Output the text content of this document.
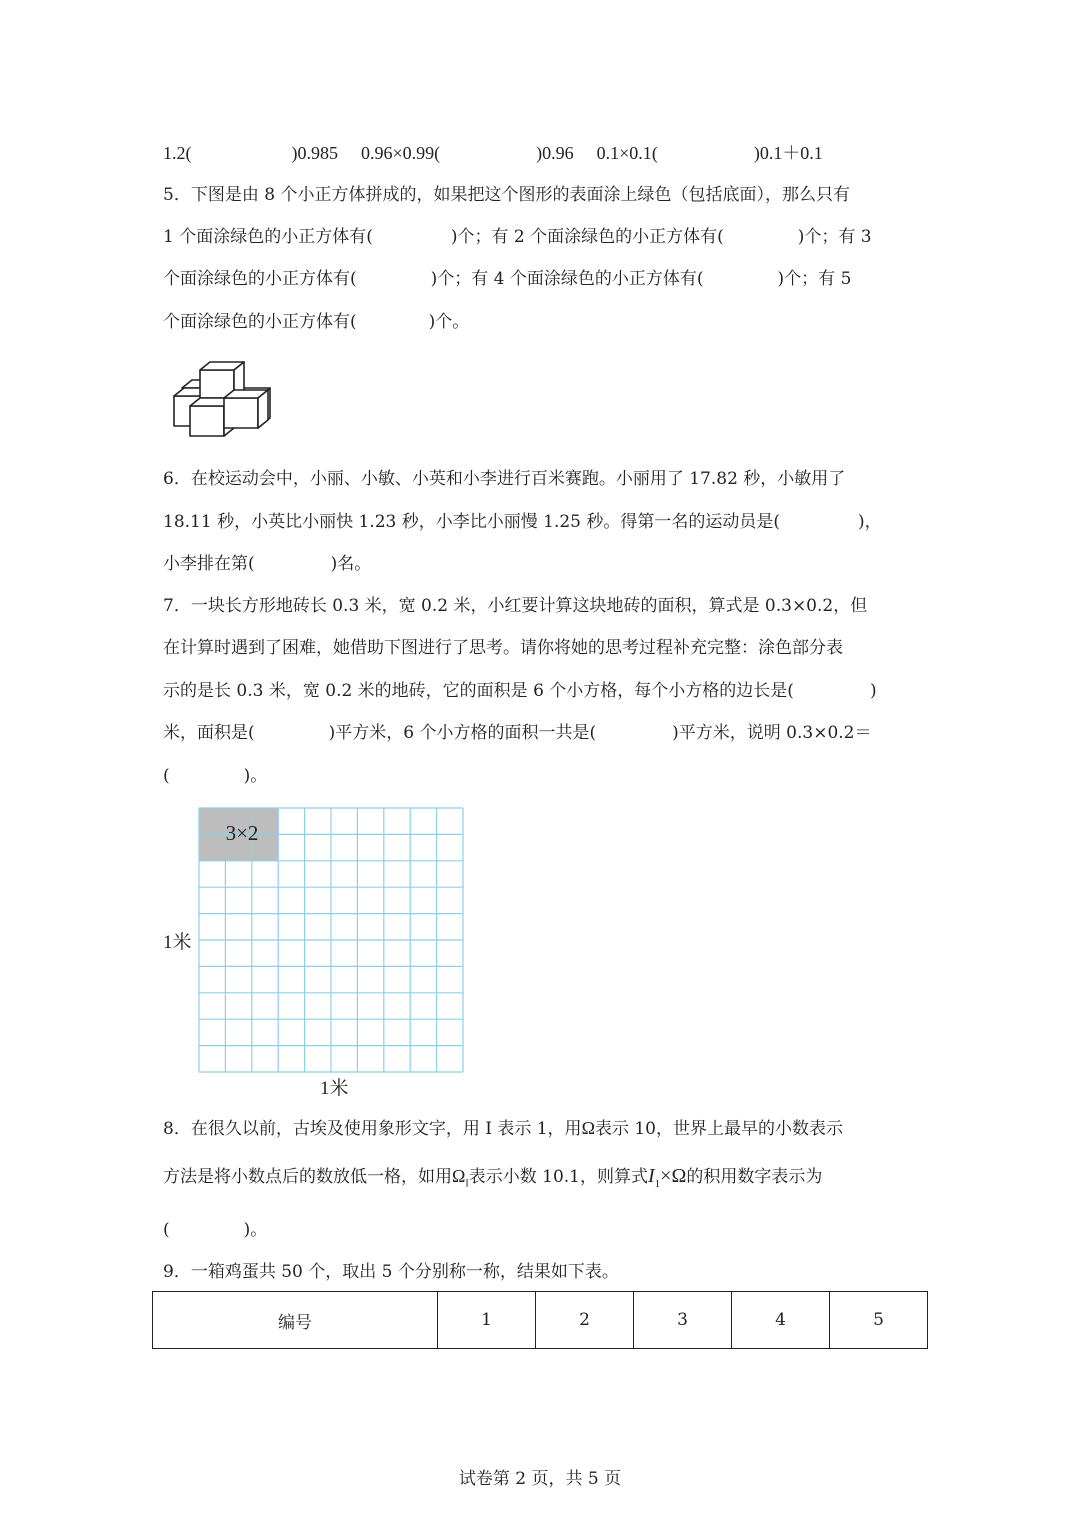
1.2(	)0.985 0.96×0.99(	)0.96 0.1×0.1(	)0.1＋0.1
5．下图是由 8 个小正方体拼成的，如果把这个图形的表面涂上绿色（包括底面），那么只有
1 个面涂绿色的小正方体有(	)个；有 2 个面涂绿色的小正方体有(	)个；有 3
个面涂绿色的小正方体有(	)个；有 4 个面涂绿色的小正方体有(	)个；有 5
个面涂绿色的小正方体有(	)个。
6．在校运动会中，小丽、小敏、小英和小李进行百米赛跑。小丽用了 17.82 秒，小敏用了
18.11 秒，小英比小丽快 1.23 秒，小李比小丽慢 1.25 秒。得第一名的运动员是(	)，
小李排在第(	)名。
7．一块长方形地砖长 0.3 米，宽 0.2 米，小红要计算这块地砖的面积，算式是 0.3×0.2，但
在计算时遇到了困难，她借助下图进行了思考。请你将她的思考过程补充完整：涂色部分表
示的是长 0.3 米，宽 0.2 米的地砖，它的面积是 6 个小方格，每个小方格的边长是(	)
米，面积是(	)平方米，6 个小方格的面积一共是(	)平方米，说明 0.3×0.2＝
(	)。
3×2
1米
1米
8．在很久以前，古埃及使用象形文字，用 I 表示 1，用Ω表示 10，世界上最早的小数表示
方法是将小数点后的数放低一格，如用$\Omega_I$表示小数 10.1，则算式$I_1\times\Omega$的积用数字表示为
(	)。
9．一箱鸡蛋共 50 个，取出 5 个分别称一称，结果如下表。
编号	1	2	3	4	5
试卷第 2 页，共 5 页
